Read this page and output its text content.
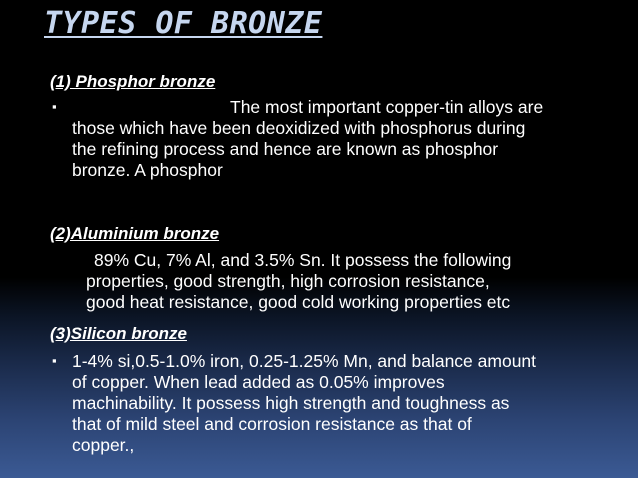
TYPES OF BRONZE
(1) Phosphor bronze
▪	The most important copper-tin alloys are
those which have been deoxidized with phosphorus during
the refining process and hence are known as phosphor
bronze. A phosphor
(2)Aluminium bronze
89% Cu, 7% Al, and 3.5% Sn. It possess the following
properties, good strength, high corrosion resistance,
good heat resistance, good cold working properties etc
(3)Silicon bronze
▪ 1-4% si,0.5-1.0% iron, 0.25-1.25% Mn, and balance amount
of copper. When lead added as 0.05% improves
machinability. It possess high strength and toughness as
that of mild steel and corrosion resistance as that of
copper.,
